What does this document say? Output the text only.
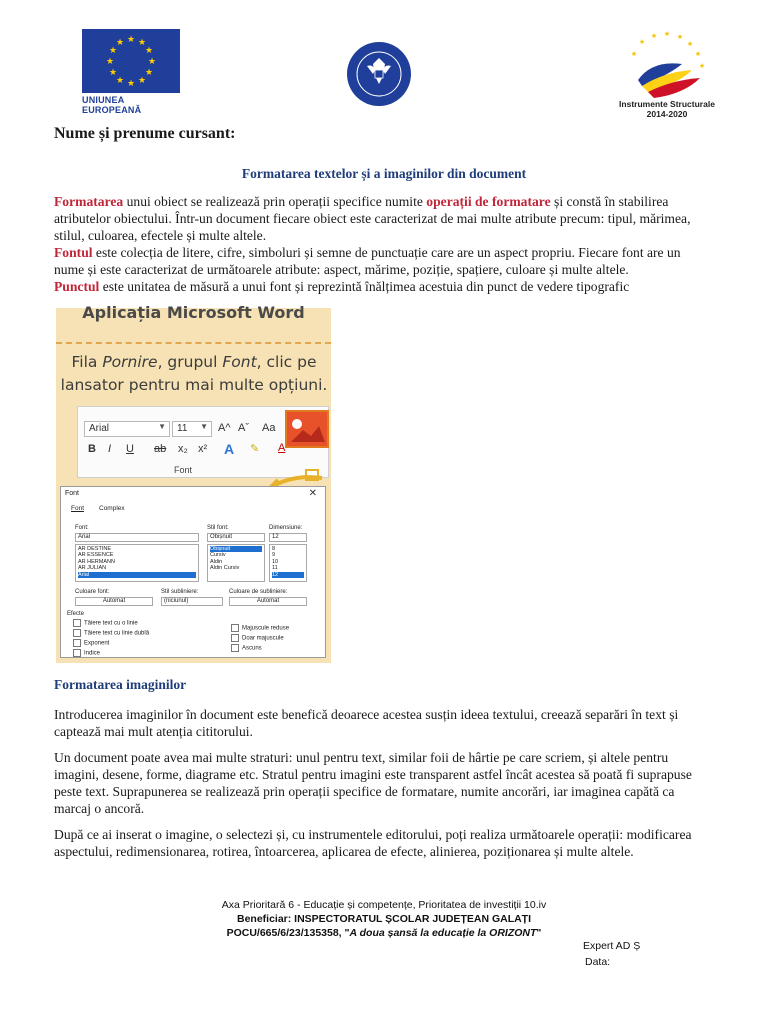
★ ★
★
★
★
★
★
★
★
★
★
★
UNIUNEA EUROPEANĂ
★
★
★ ★ ★
★
★
★
Instrumente Structurale
2014-2020
Nume și prenume cursant:
Formatarea textelor și a imaginilor din document

Formatarea unui obiect se realizează prin operații specifice numite operații de formatare și constă în stabilirea atributelor obiectului. Într-un document fiecare obiect este caracterizat de mai multe atribute precum: tipul, mărimea, stilul, culoarea, efectele și multe altele.

Fontul este colecția de litere, cifre, simboluri și semne de punctuație care are un aspect propriu. Fiecare font are un nume și este caracterizat de următoarele atribute: aspect, mărime, poziție, spațiere, culoare și multe altele.

Punctul este unitatea de măsură a unui font și reprezintă înălțimea acestuia din punct de vedere tipografic

Aplicația Microsoft Word
Fila Pornire, grupul Font, clic pe lansator pentru mai multe opțiuni.
Arial	▼	11 ▼ A^ Aˇ Aa
B I U ab x₂ x² A ✎ A
Font
Font	✕
Font Complex
Font:
Arial
AR DESTINE
AR ESSENCE
AR HERMANN
AR JULIAN
Arial
Stil font:
Obișnuit
Obișnuit
Cursiv
Aldin
Aldin Cursiv
Dimensiune:
12
8
9
10
11
12
Culoare font:
Automat
Stil subliniere:
(niciunul)
Culoare de subliniere:
Automat
Efecte
Tăiere text cu o linie
Tăiere text cu linie dublă
Exponent
Indice
Majuscule reduse
Doar majuscule
Ascuns
Formatarea imaginilor

Introducerea imaginilor în document este benefică deoarece acestea susțin ideea textului, creează separări în text și captează mai mult atenția cititorului.

Un document poate avea mai multe straturi: unul pentru text, similar foii de hârtie pe care scriem, și altele pentru imagini, desene, forme, diagrame etc. Stratul pentru imagini este transparent astfel încât acestea să poată fi suprapuse peste text. Suprapunerea se realizează prin operații specifice de formatare, numite ancorări, iar imaginea capătă ca marcaj o ancoră.

După ce ai inserat o imagine, o selectezi și, cu instrumentele editorului, poți realiza următoarele operații: modificarea aspectului, redimensionarea, rotirea, întoarcerea, aplicarea de efecte, alinierea, poziționarea și multe altele.

Axa Prioritară 6 - Educație și competențe, Prioritatea de investiții 10.iv
Beneficiar: INSPECTORATUL ȘCOLAR JUDEȚEAN GALAȚI
POCU/665/6/23/135358, "A doua șansă la educație la ORIZONT"
Expert AD Ș
Data:
